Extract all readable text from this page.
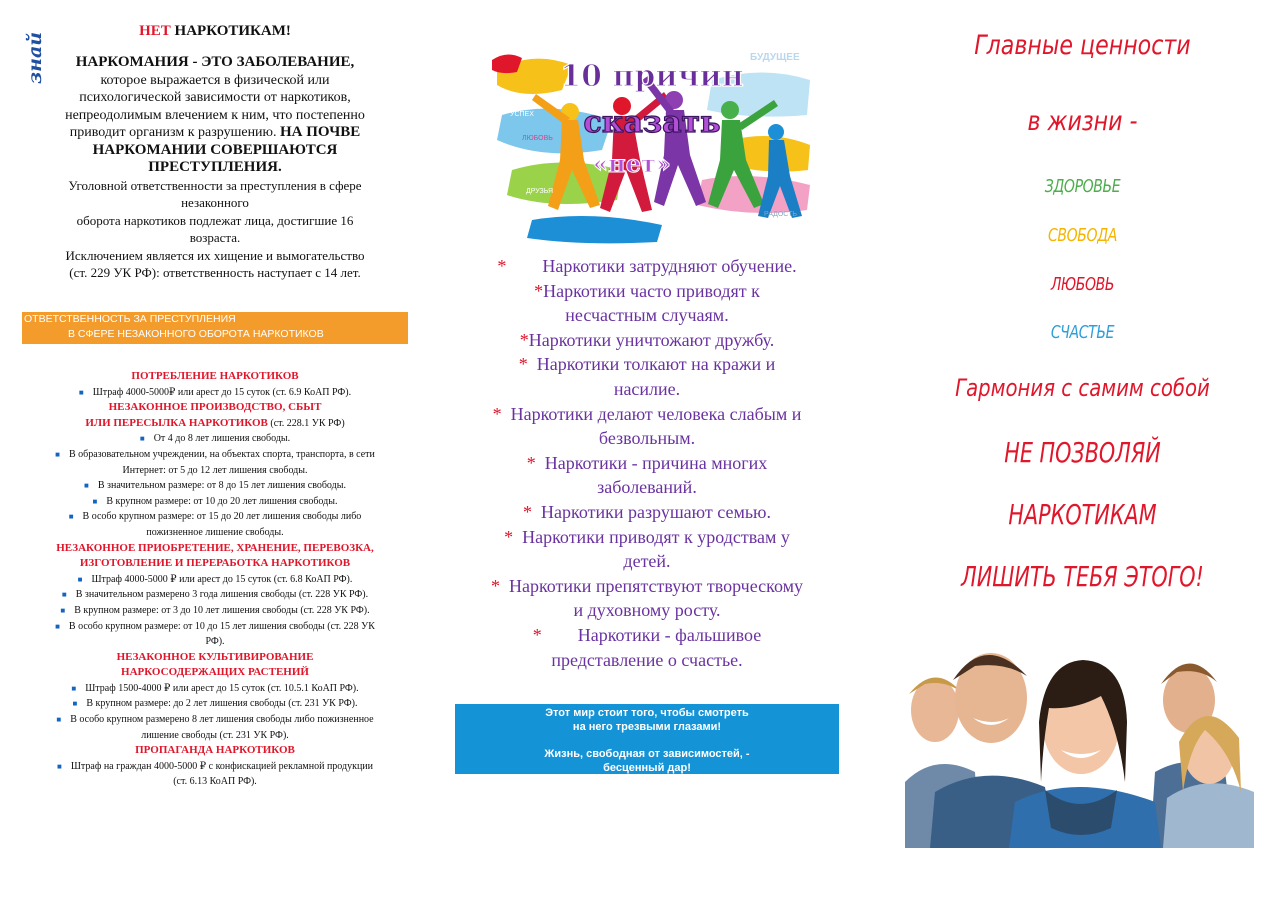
знай
НЕТ НАРКОТИКАМ!
НАРКОМАНИЯ - ЭТО ЗАБОЛЕВАНИЕ,
которое выражается в физической или
психологической зависимости от наркотиков,
непреодолимым влечением к ним, что постепенно
приводит организм к разрушению. НА ПОЧВЕ
НАРКОМАНИИ СОВЕРШАЮТСЯ
ПРЕСТУПЛЕНИЯ.
Уголовной ответственности за преступления в сфере
незаконного
оборота наркотиков подлежат лица, достигшие 16
возраста.
Исключением является их хищение и вымогательство
(ст. 229 УК РФ): ответственность наступает с 14 лет.
ОТВЕТСТВЕННОСТЬ ЗА ПРЕСТУПЛЕНИЯ
В СФЕРЕ НЕЗАКОННОГО ОБОРОТА НАРКОТИКОВ
ПОТРЕБЛЕНИЕ НАРКОТИКОВ
■ Штраф 4000-5000₽ или арест до 15 суток (ст. 6.9 КоАП РФ).
НЕЗАКОННОЕ ПРОИЗВОДСТВО, СБЫТ
ИЛИ ПЕРЕСЫЛКА НАРКОТИКОВ (ст. 228.1 УК РФ)
■ От 4 до 8 лет лишения свободы.
■ В образовательном учреждении, на объектах спорта, транспорта, в сети
Интернет: от 5 до 12 лет лишения свободы.
■ В значительном размере: от 8 до 15 лет лишения свободы.
■ В крупном размере: от 10 до 20 лет лишения свободы.
■ В особо крупном размере: от 15 до 20 лет лишения свободы либо
пожизненное лишение свободы.
НЕЗАКОННОЕ ПРИОБРЕТЕНИЕ, ХРАНЕНИЕ, ПЕРЕВОЗКА,
ИЗГОТОВЛЕНИЕ И ПЕРЕРАБОТКА НАРКОТИКОВ
■ Штраф 4000-5000 ₽ или арест до 15 суток (ст. 6.8 КоАП РФ).
■ В значительном размерено 3 года лишения свободы (ст. 228 УК РФ).
■ В крупном размере: от 3 до 10 лет лишения свободы (ст. 228 УК РФ).
■ В особо крупном размере: от 10 до 15 лет лишения свободы (ст. 228 УК
РФ).
НЕЗАКОННОЕ КУЛЬТИВИРОВАНИЕ
НАРКОСОДЕРЖАЩИХ РАСТЕНИЙ
■ Штраф 1500-4000 ₽ или арест до 15 суток (ст. 10.5.1 КоАП РФ).
■ В крупном размере: до 2 лет лишения свободы (ст. 231 УК РФ).
■ В особо крупном размерено 8 лет лишения свободы либо пожизненное
лишение свободы (ст. 231 УК РФ).
ПРОПАГАНДА НАРКОТИКОВ
■ Штраф на граждан 4000-5000 ₽ с конфискацией рекламной продукции
(ст. 6.13 КоАП РФ).
БУДУЩЕЕ
УСПЕХ
ЛЮБОВЬ
ДРУЗЬЯ
РАДОСТЬ
10 причин
сказать
«нет»
*        Наркотики затрудняют обучение.
*Наркотики часто приводят к
несчастным случаям.
*Наркотики уничтожают дружбу.
*  Наркотики толкают на кражи и
насилие.
*  Наркотики делают человека слабым и
безвольным.
*  Наркотики - причина многих
заболеваний.
*  Наркотики разрушают семью.
*  Наркотики приводят к уродствам у
детей.
*  Наркотики препятствуют творческому
и духовному росту.
*        Наркотики - фальшивое
представление о счастье.
Этот мир стоит того, чтобы смотреть
на него трезвыми глазами!
Жизнь, свободная от зависимостей, -
бесценный дар!
Главные ценности
в жизни -
ЗДОРОВЬЕ
СВОБОДА
ЛЮБОВЬ
СЧАСТЬЕ
Гармония с самим собой
НЕ ПОЗВОЛЯЙ
НАРКОТИКАМ
ЛИШИТЬ ТЕБЯ ЭТОГО!
